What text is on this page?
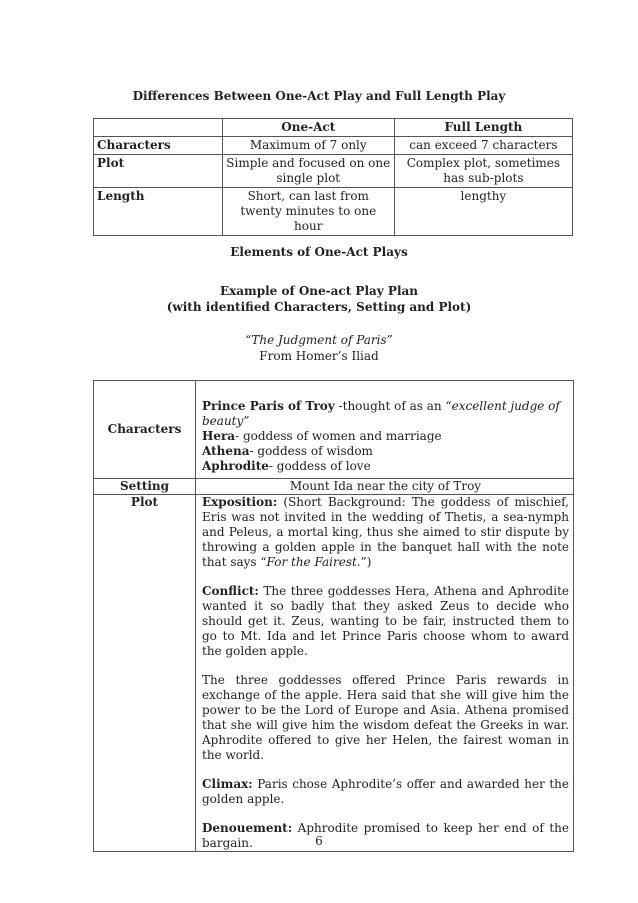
Differences Between One-Act Play and Full Length Play
	One-Act	Full Length
Characters	Maximum of 7 only	can exceed 7 characters
Plot	Simple and focused on one single plot	Complex plot, sometimes has sub-plots
Length	Short, can last from twenty minutes to one hour	lengthy
Elements of One-Act Plays
Example of One-act Play Plan
(with identified Characters, Setting and Plot)
“The Judgment of Paris”
From Homer’s Iliad
Characters	Prince Paris of Troy -thought of as an “excellent judge of beauty”
Hera- goddess of women and marriage
Athena- goddess of wisdom
Aphrodite- goddess of love

Setting	Mount Ida near the city of Troy
Plot	Exposition: (Short Background: The goddess of mischief, Eris was not invited in the wedding of Thetis, a sea-nymph and Peleus, a mortal king, thus she aimed to stir dispute by throwing a golden apple in the banquet hall with the note that says “For the Fairest.”)

Conflict: The three goddesses Hera, Athena and Aphrodite wanted it so badly that they asked Zeus to decide who should get it. Zeus, wanting to be fair, instructed them to go to Mt. Ida and let Prince Paris choose whom to award the golden apple.

The three goddesses offered Prince Paris rewards in exchange of the apple. Hera said that she will give him the power to be the Lord of Europe and Asia. Athena promised that she will give him the wisdom defeat the Greeks in war. Aphrodite offered to give her Helen, the fairest woman in the world.

Climax: Paris chose Aphrodite’s offer and awarded her the golden apple.

Denouement: Aphrodite promised to keep her end of the bargain.	6
